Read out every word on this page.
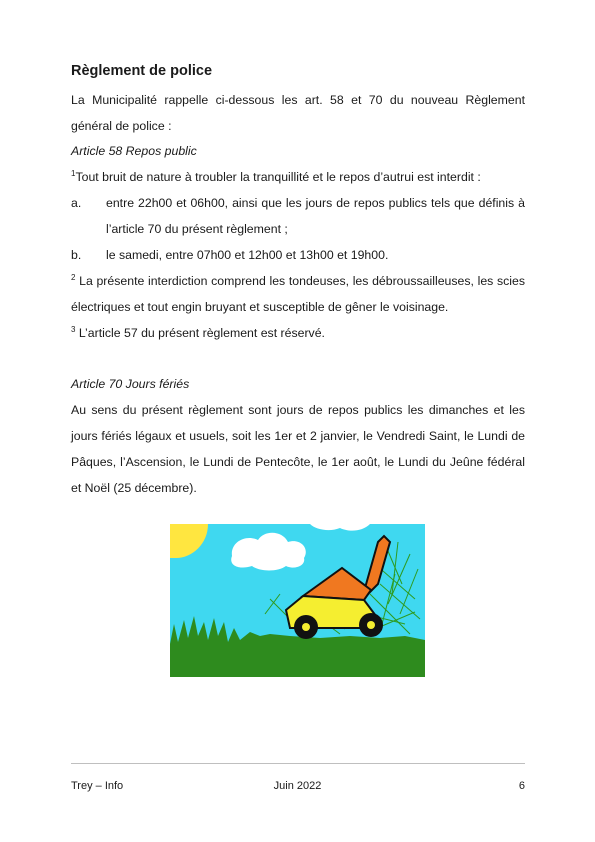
Règlement de police
La Municipalité rappelle ci-dessous les art. 58 et 70 du nouveau Règlement général de police :
Article 58 Repos public
$^1$Tout bruit de nature à troubler la tranquillité et le repos d’autrui est interdit :
a. entre 22h00 et 06h00, ainsi que les jours de repos publics tels que définis à l’article 70 du présent règlement ;
b. le samedi, entre 07h00 et 12h00 et 13h00 et 19h00.
$^2$ La présente interdiction comprend les tondeuses, les débroussailleuses, les scies électriques et tout engin bruyant et susceptible de gêner le voisinage.
$^3$ L’article 57 du présent règlement est réservé.
Article 70 Jours fériés
Au sens du présent règlement sont jours de repos publics les dimanches et les jours fériés légaux et usuels, soit les 1er et 2 janvier, le Vendredi Saint, le Lundi de Pâques, l’Ascension, le Lundi de Pentecôte, le 1er août, le Lundi du Jeûne fédéral et Noël (25 décembre).
Trey – Info	Juin 2022	6
